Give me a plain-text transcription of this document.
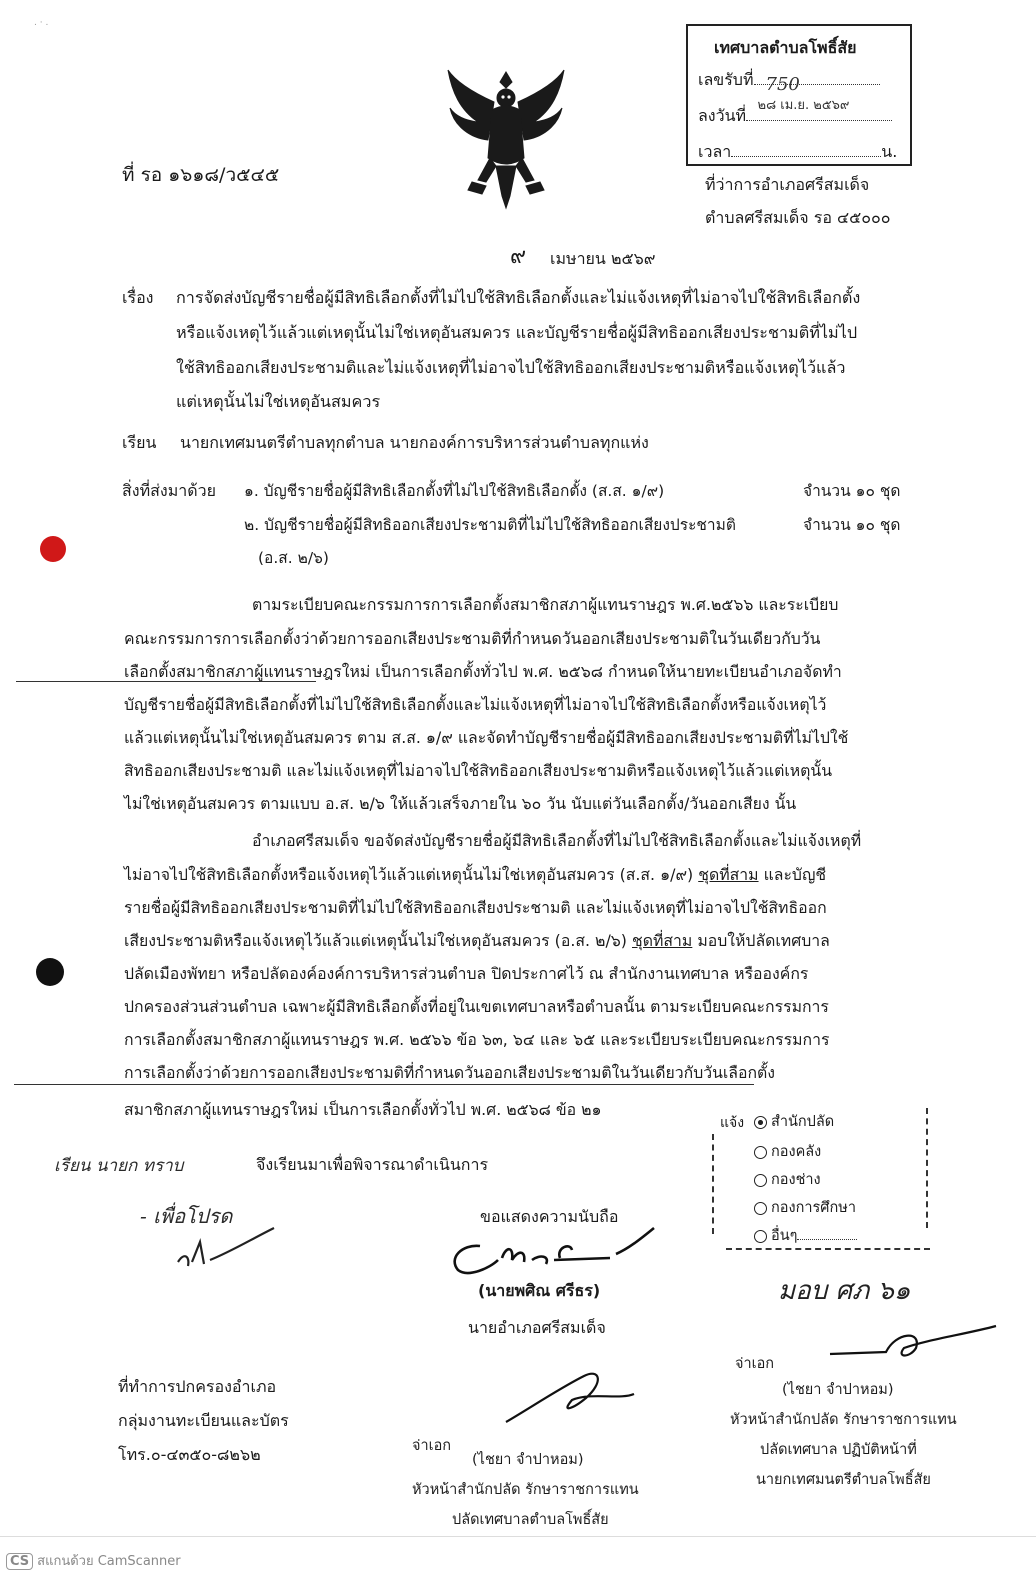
. · .
ที่ รอ ๑๖๑๘/ว๕๔๕
เทศบาลตำบลโพธิ์สัย
เลขรับที่ 750
๒๘ เม.ย. ๒๕๖๙
ลงวันที่
เวลา	น.
ที่ว่าการอำเภอศรีสมเด็จ
ตำบลศรีสมเด็จ รอ ๔๕๐๐๐
๙ เมษายน ๒๕๖๙
เรื่อง การจัดส่งบัญชีรายชื่อผู้มีสิทธิเลือกตั้งที่ไม่ไปใช้สิทธิเลือกตั้งและไม่แจ้งเหตุที่ไม่อาจไปใช้สิทธิเลือกตั้ง
หรือแจ้งเหตุไว้แล้วแต่เหตุนั้นไม่ใช่เหตุอันสมควร และบัญชีรายชื่อผู้มีสิทธิออกเสียงประชามติที่ไม่ไป
ใช้สิทธิออกเสียงประชามติและไม่แจ้งเหตุที่ไม่อาจไปใช้สิทธิออกเสียงประชามติหรือแจ้งเหตุไว้แล้ว
แต่เหตุนั้นไม่ใช่เหตุอันสมควร
เรียน นายกเทศมนตรีตำบลทุกตำบล นายกองค์การบริหารส่วนตำบลทุกแห่ง
สิ่งที่ส่งมาด้วย ๑. บัญชีรายชื่อผู้มีสิทธิเลือกตั้งที่ไม่ไปใช้สิทธิเลือกตั้ง (ส.ส. ๑/๙)	จำนวน ๑๐ ชุด
๒. บัญชีรายชื่อผู้มีสิทธิออกเสียงประชามติที่ไม่ไปใช้สิทธิออกเสียงประชามติ	จำนวน ๑๐ ชุด
(อ.ส. ๒/๖)
ตามระเบียบคณะกรรมการการเลือกตั้งสมาชิกสภาผู้แทนราษฎร พ.ศ.๒๕๖๖ และระเบียบ
คณะกรรมการการเลือกตั้งว่าด้วยการออกเสียงประชามติที่กำหนดวันออกเสียงประชามติในวันเดียวกับวัน
เลือกตั้งสมาชิกสภาผู้แทนราษฎรใหม่ เป็นการเลือกตั้งทั่วไป พ.ศ. ๒๕๖๘ กำหนดให้นายทะเบียนอำเภอจัดทำ
บัญชีรายชื่อผู้มีสิทธิเลือกตั้งที่ไม่ไปใช้สิทธิเลือกตั้งและไม่แจ้งเหตุที่ไม่อาจไปใช้สิทธิเลือกตั้งหรือแจ้งเหตุไว้
แล้วแต่เหตุนั้นไม่ใช่เหตุอันสมควร ตาม ส.ส. ๑/๙ และจัดทำบัญชีรายชื่อผู้มีสิทธิออกเสียงประชามติที่ไม่ไปใช้
สิทธิออกเสียงประชามติ และไม่แจ้งเหตุที่ไม่อาจไปใช้สิทธิออกเสียงประชามติหรือแจ้งเหตุไว้แล้วแต่เหตุนั้น
ไม่ใช่เหตุอันสมควร ตามแบบ อ.ส. ๒/๖ ให้แล้วเสร็จภายใน ๖๐ วัน นับแต่วันเลือกตั้ง/วันออกเสียง นั้น
อำเภอศรีสมเด็จ ขอจัดส่งบัญชีรายชื่อผู้มีสิทธิเลือกตั้งที่ไม่ไปใช้สิทธิเลือกตั้งและไม่แจ้งเหตุที่
ไม่อาจไปใช้สิทธิเลือกตั้งหรือแจ้งเหตุไว้แล้วแต่เหตุนั้นไม่ใช่เหตุอันสมควร (ส.ส. ๑/๙) ชุดที่สาม และบัญชี
รายชื่อผู้มีสิทธิออกเสียงประชามติที่ไม่ไปใช้สิทธิออกเสียงประชามติ และไม่แจ้งเหตุที่ไม่อาจไปใช้สิทธิออก
เสียงประชามติหรือแจ้งเหตุไว้แล้วแต่เหตุนั้นไม่ใช่เหตุอันสมควร (อ.ส. ๒/๖) ชุดที่สาม มอบให้ปลัดเทศบาล
ปลัดเมืองพัทยา หรือปลัดองค์องค์การบริหารส่วนตำบล ปิดประกาศไว้ ณ สำนักงานเทศบาล หรือองค์กร
ปกครองส่วนส่วนตำบล เฉพาะผู้มีสิทธิเลือกตั้งที่อยู่ในเขตเทศบาลหรือตำบลนั้น ตามระเบียบคณะกรรมการ
การเลือกตั้งสมาชิกสภาผู้แทนราษฎร พ.ศ. ๒๕๖๖ ข้อ ๖๓, ๖๔ และ ๖๕ และระเบียบระเบียบคณะกรรมการ
การเลือกตั้งว่าด้วยการออกเสียงประชามติที่กำหนดวันออกเสียงประชามติในวันเดียวกับวันเลือกตั้ง
สมาชิกสภาผู้แทนราษฎรใหม่ เป็นการเลือกตั้งทั่วไป พ.ศ. ๒๕๖๘ ข้อ ๒๑
แจ้ง	สำนักปลัด
กองคลัง
กองช่าง
กองการศึกษา
อื่นๆ
เรียน นายก ทราบ	จึงเรียนมาเพื่อพิจารณาดำเนินการ
- เพื่อโปรด	ขอแสดงความนับถือ
(นายพศิณ ศรีธร)
นายอำเภอศรีสมเด็จ
มอบ ศภ ๖๑
จ่าเอก
(ไชยา จำปาหอม)
หัวหน้าสำนักปลัด รักษาราชการแทน
ปลัดเทศบาล ปฏิบัติหน้าที่
นายกเทศมนตรีตำบลโพธิ์สัย
ที่ทำการปกครองอำเภอ
กลุ่มงานทะเบียนและบัตร
โทร.๐-๔๓๕๐-๘๒๖๒	จ่าเอก
(ไชยา จำปาหอม)
หัวหน้าสำนักปลัด รักษาราชการแทน
ปลัดเทศบาลตำบลโพธิ์สัย
CS สแกนด้วย CamScanner
